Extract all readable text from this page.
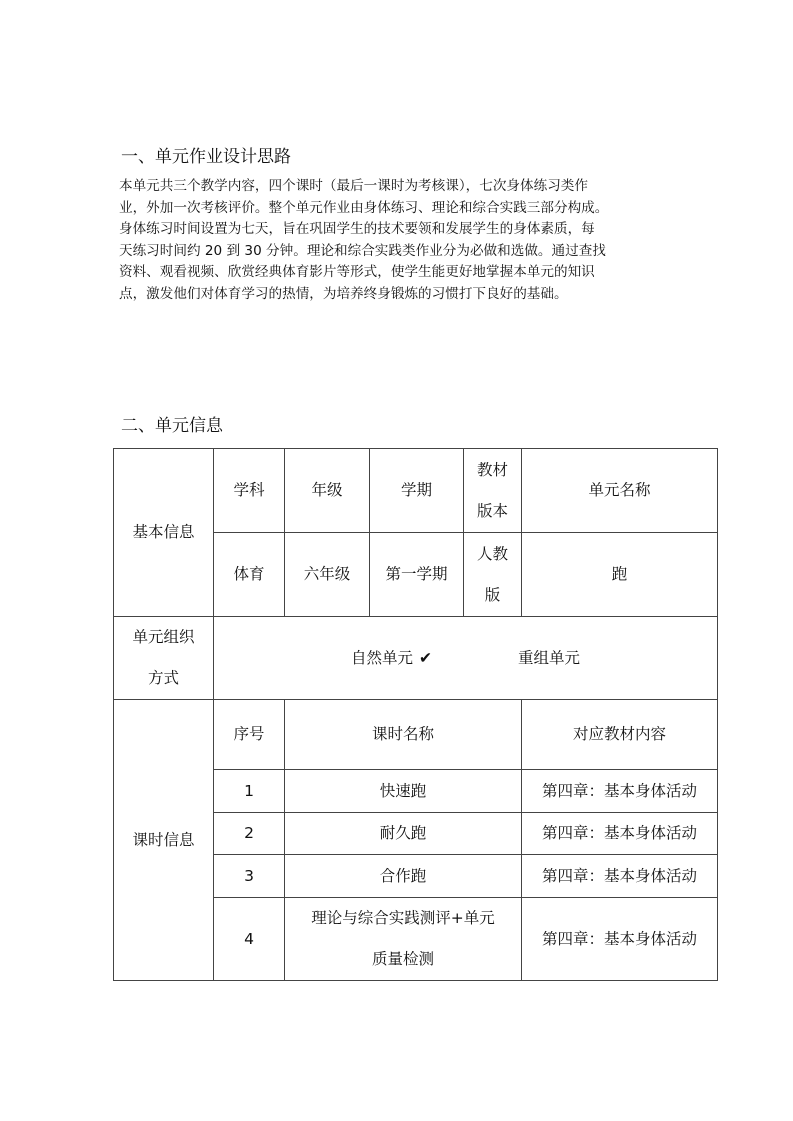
一、单元作业设计思路
本单元共三个教学内容，四个课时（最后一课时为考核课），七次身体练习类作
业，外加一次考核评价。整个单元作业由身体练习、理论和综合实践三部分构成。
身体练习时间设置为七天，旨在巩固学生的技术要领和发展学生的身体素质，每
天练习时间约 20 到 30 分钟。理论和综合实践类作业分为必做和选做。通过查找
资料、观看视频、欣赏经典体育影片等形式，使学生能更好地掌握本单元的知识
点，激发他们对体育学习的热情，为培养终身锻炼的习惯打下良好的基础。
二、单元信息
基本信息	学科	年级	学期	教材
版本	单元名称
	体育	六年级	第一学期	人教
版	跑

单元组织
方式	自然单元 ✔ 重组单元				
课时信息	序号	课时名称			对应教材内容
	1	快速跑			第四章：基本身体活动
	2	耐久跑			第四章：基本身体活动
	3	合作跑			第四章：基本身体活动
	4	理论与综合实践测评+单元
质量检测			第四章：基本身体活动
